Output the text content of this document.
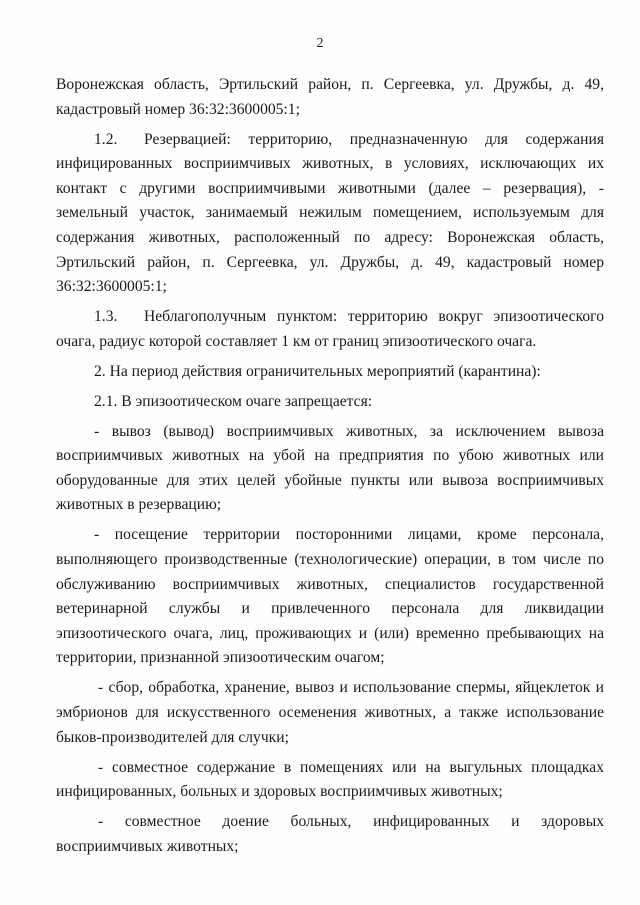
2

Воронежская область, Эртильский район, п. Сергеевка, ул. Дружбы, д. 49, кадастровый номер 36:32:3600005:1;

1.2. Резервацией: территорию, предназначенную для содержания инфицированных восприимчивых животных, в условиях, исключающих их контакт с другими восприимчивыми животными (далее – резервация), - земельный участок, занимаемый нежилым помещением, используемым для содержания животных, расположенный по адресу: Воронежская область, Эртильский район, п. Сергеевка, ул. Дружбы, д. 49, кадастровый номер 36:32:3600005:1;

1.3. Неблагополучным пунктом: территорию вокруг эпизоотического очага, радиус которой составляет 1 км от границ эпизоотического очага.

2. На период действия ограничительных мероприятий (карантина):

2.1. В эпизоотическом очаге запрещается:

- вывоз (вывод) восприимчивых животных, за исключением вывоза восприимчивых животных на убой на предприятия по убою животных или оборудованные для этих целей убойные пункты или вывоза восприимчивых животных в резервацию;

- посещение территории посторонними лицами, кроме персонала, выполняющего производственные (технологические) операции, в том числе по обслуживанию восприимчивых животных, специалистов государственной ветеринарной службы и привлеченного персонала для ликвидации эпизоотического очага, лиц, проживающих и (или) временно пребывающих на территории, признанной эпизоотическим очагом;

- сбор, обработка, хранение, вывоз и использование спермы, яйцеклеток и эмбрионов для искусственного осеменения животных, а также использование быков-производителей для случки;

- совместное содержание в помещениях или на выгульных площадках инфицированных, больных и здоровых восприимчивых животных;

- совместное доение больных, инфицированных и здоровых восприимчивых животных;
